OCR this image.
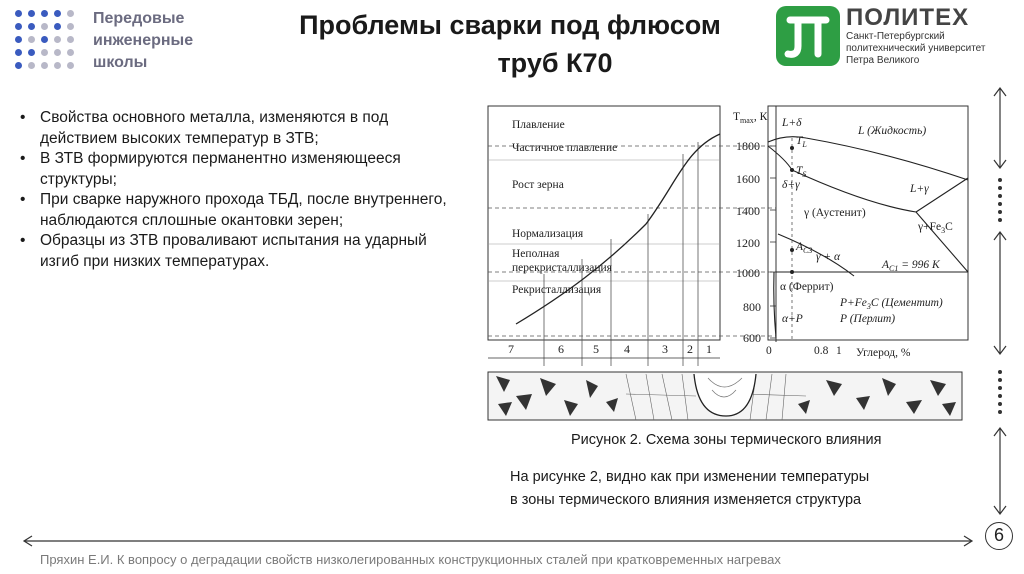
Передовые
инженерные
школы
Проблемы сварки под флюсом
труб К70
ПОЛИТЕХ
Санкт-Петербургский
политехнический университет
Петра Великого
• Свойства основного металла, изменяются в под действием высоких температур в ЗТВ;
• В ЗТВ формируются перманентно изменяющееся структуры;
• При сварке наружного прохода ТБД, после внутреннего, наблюдаются сплошные окантовки зерен;
• Образцы из ЗТВ проваливают испытания на ударный изгиб при низких температурах.
Плавление
Частичное плавление
Рост зерна
Нормализация
Неполная
перекристаллизация
Рекристаллизация
$T_{max}$, К
1800
1600
1400
1200
1000
800
600
L (Жидкость)
L+δ
$T_L$
$T_S$
δ+γ	L+γ
γ (Аустенит)
$\gamma+Fe_3C$
$A_{C3}$
γ + α
$A_{C1} = 996$ К
α (Феррит)
$P+Fe_3C$ (Цементит)
α+P	P (Перлит)
0	0.8 1 Углерод, %
7	6 5 4	3 2 1
Рисунок 2. Схема зоны термического влияния
На рисунке 2, видно как при изменении температуры
в зоны термического влияния изменяется структура
6
Пряхин Е.И. К вопросу о деградации свойств низколегированных конструкционных сталей при кратковременных нагревах
